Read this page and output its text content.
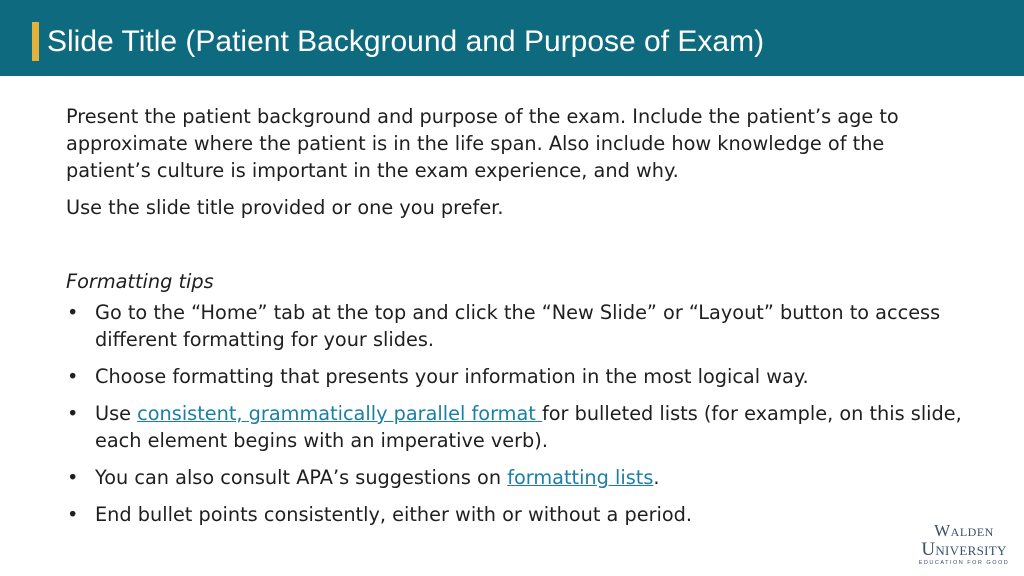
Slide Title (Patient Background and Purpose of Exam)

Present the patient background and purpose of the exam. Include the patient’s age to approximate where the patient is in the life span. Also include how knowledge of the patient’s culture is important in the exam experience, and why.

Use the slide title provided or one you prefer.

Formatting tips

• Go to the “Home” tab at the top and click the “New Slide” or “Layout” button to access different formatting for your slides.
• Choose formatting that presents your information in the most logical way.
• Use consistent, grammatically parallel format for bulleted lists (for example, on this slide, each element begins with an imperative verb).
• You can also consult APA’s suggestions on formatting lists.
• End bullet points consistently, either with or without a period.
Walden
University
EDUCATION FOR GOOD
